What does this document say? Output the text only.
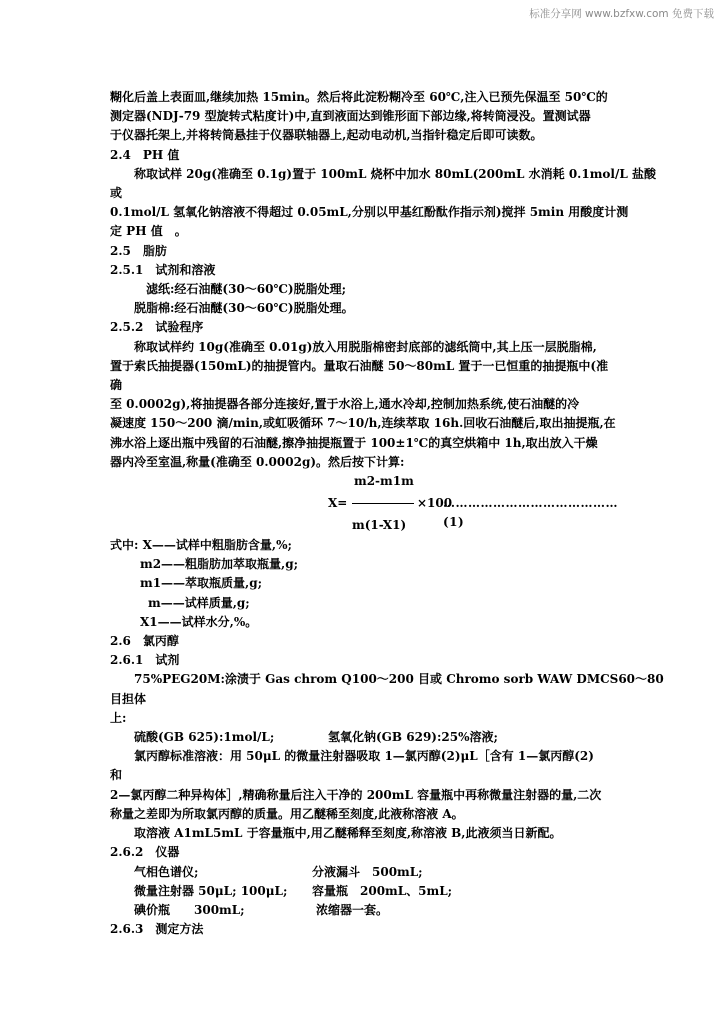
标准分享网 www.bzfxw.com 免费下载
糊化后盖上表面皿,继续加热 15min。然后将此淀粉糊冷至 60℃,注入已预先保温至 50℃的
测定器(NDJ-79 型旋转式粘度计)中,直到液面达到锥形面下部边缘,将转筒浸没。置测试器
于仪器托架上,并将转筒悬挂于仪器联轴器上,起动电动机,当指针稳定后即可读数。
2.4　PH 值
称取试样 20g(准确至 0.1g)置于 100mL 烧杯中加水 80mL(200mL 水消耗 0.1mol/L 盐酸
或
0.1mol/L 氢氧化钠溶液不得超过 0.05mL,分别以甲基红酚酞作指示剂)搅拌 5min 用酸度计测
定 PH 值　。
2.5　脂肪
2.5.1　试剂和溶液
滤纸:经石油醚(30～60℃)脱脂处理;
脱脂棉:经石油醚(30～60℃)脱脂处理。
2.5.2　试验程序
称取试样约 10g(准确至 0.01g)放入用脱脂棉密封底部的滤纸筒中,其上压一层脱脂棉,
置于索氏抽提器(150mL)的抽提管内。量取石油醚 50～80mL 置于一已恒重的抽提瓶中(准
确
至 0.0002g),将抽提器各部分连接好,置于水浴上,通水冷却,控制加热系统,使石油醚的冷
凝速度 150～200 滴/min,或虹吸循环 7～10/h,连续萃取 16h.回收石油醚后,取出抽提瓶,在
沸水浴上逐出瓶中残留的石油醚,擦净抽提瓶置于 100±1℃的真空烘箱中 1h,取出放入干燥
器内冷至室温,称量(准确至 0.0002g)。然后按下计算:
m2-m1m
X=	×100
……………………………………(1)
m(1-X1)
式中: X——试样中粗脂肪含量,%;
m2——粗脂肪加萃取瓶量,g;
m1——萃取瓶质量,g;
m——试样质量,g;
X1——试样水分,%。
2.6　氯丙醇
2.6.1　试剂
75%PEG20M:涂渍于 Gas chrom Q100～200 目或 Chromo sorb WAW DMCS60～80
目担体
上:
硫酸(GB 625):1mol/L;	氢氧化钠(GB 629):25%溶液;
氯丙醇标准溶液：用 50μL 的微量注射器吸取 1—氯丙醇(2)μL［含有 1—氯丙醇(2)
和
2—氯丙醇二种异构体］,精确称量后注入干净的 200mL 容量瓶中再称微量注射器的量,二次
称量之差即为所取氯丙醇的质量。用乙醚稀至刻度,此液称溶液 A。
取溶液 A1mL5mL 于容量瓶中,用乙醚稀释至刻度,称溶液 B,此液须当日新配。
2.6.2　仪器
气相色谱仪;	分液漏斗　500mL;
微量注射器 50μL; 100μL; 容量瓶　200mL、5mL;
碘价瓶　　300mL;	浓缩器一套。
2.6.3　测定方法
